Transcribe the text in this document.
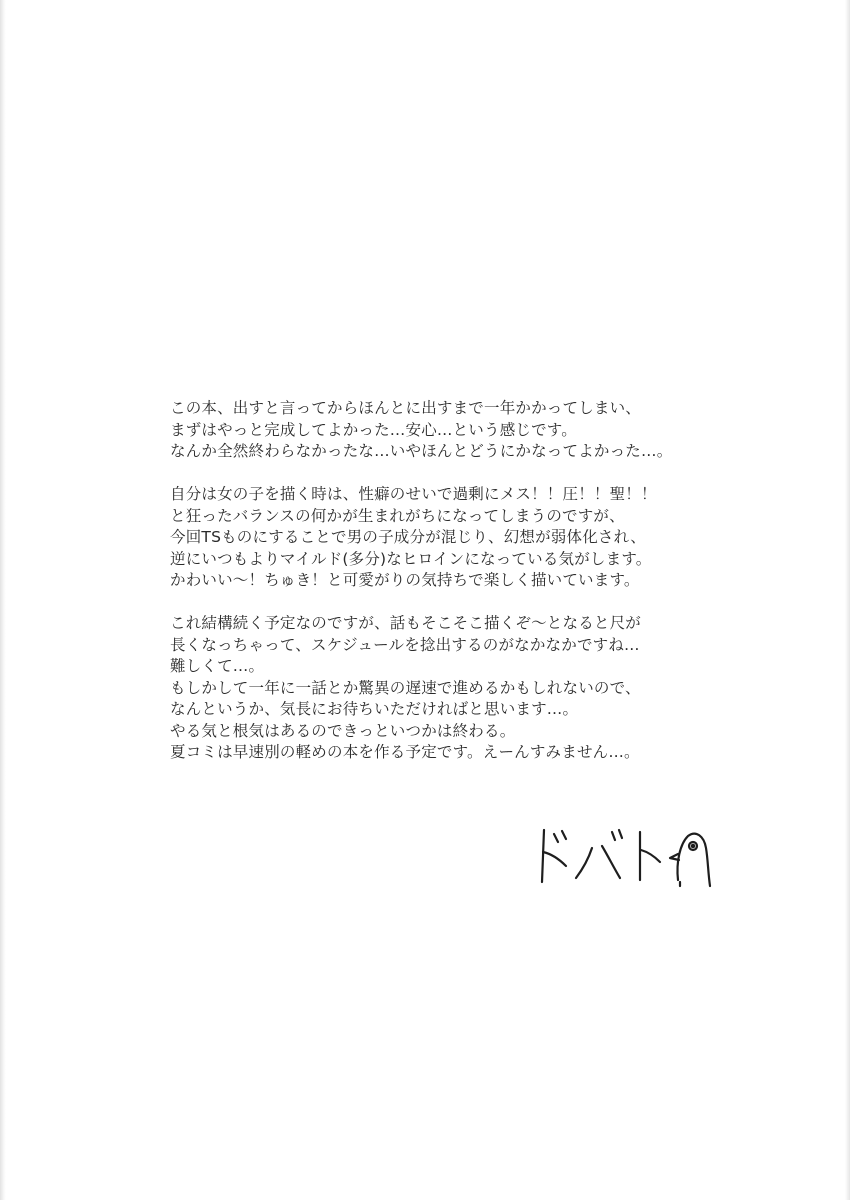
この本、出すと言ってからほんとに出すまで一年かかってしまい、
まずはやっと完成してよかった…安心…という感じです。
なんか全然終わらなかったな…いやほんとどうにかなってよかった…。

自分は女の子を描く時は、性癖のせいで過剰にメス！！圧！！聖！！
と狂ったバランスの何かが生まれがちになってしまうのですが、
今回TSものにすることで男の子成分が混じり、幻想が弱体化され、
逆にいつもよりマイルド(多分)なヒロインになっている気がします。
かわいい～！ちゅき！と可愛がりの気持ちで楽しく描いています。

これ結構続く予定なのですが、話もそこそこ描くぞ～となると尺が
長くなっちゃって、スケジュールを捻出するのがなかなかですね…
難しくて…。
もしかして一年に一話とか驚異の遅速で進めるかもしれないので、
なんというか、気長にお待ちいただければと思います…。
やる気と根気はあるのできっといつかは終わる。
夏コミは早速別の軽めの本を作る予定です。えーんすみません…。
